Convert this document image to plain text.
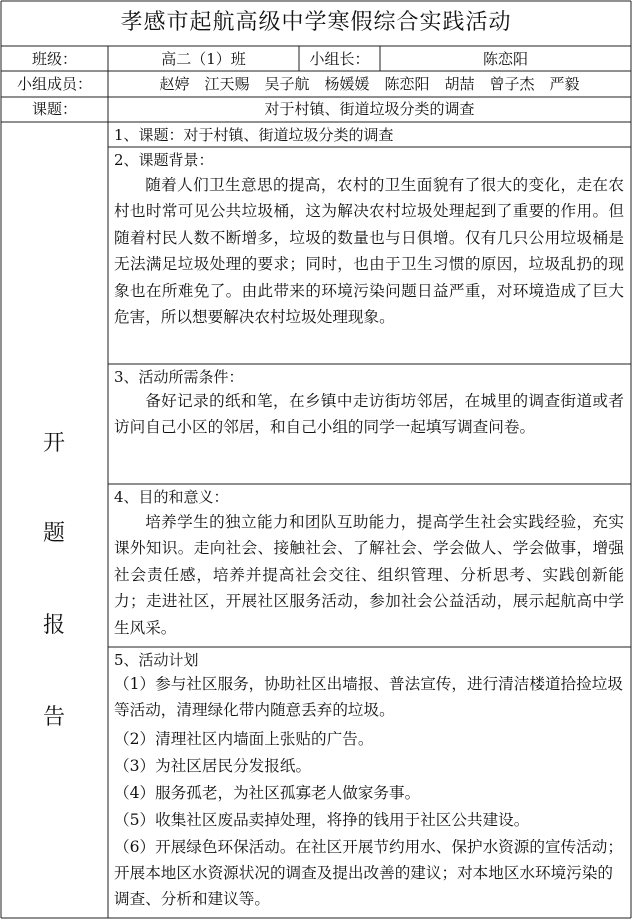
孝感市起航高级中学寒假综合实践活动
班级：	高二（1）班	小组长：	陈恋阳
小组成员：	赵婷　江天赐　吴子航　杨媛媛　陈恋阳　胡喆　曾子杰　严毅
课题：	对于村镇、街道垃圾分类的调查
开
题
报
告
1、课题：对于村镇、街道垃圾分类的调查
2、课题背景：
随着人们卫生意思的提高，农村的卫生面貌有了很大的变化，走在农村也时常可见公共垃圾桶，这为解决农村垃圾处理起到了重要的作用。但随着村民人数不断增多，垃圾的数量也与日俱增。仅有几只公用垃圾桶是无法满足垃圾处理的要求；同时，也由于卫生习惯的原因，垃圾乱扔的现象也在所难免了。由此带来的环境污染问题日益严重，对环境造成了巨大危害，所以想要解决农村垃圾处理现象。
3、活动所需条件：
备好记录的纸和笔，在乡镇中走访街坊邻居，在城里的调查街道或者访问自己小区的邻居，和自己小组的同学一起填写调查问卷。
4、目的和意义：
培养学生的独立能力和团队互助能力，提高学生社会实践经验，充实课外知识。走向社会、接触社会、了解社会、学会做人、学会做事，增强社会责任感，培养并提高社会交往、组织管理、分析思考、实践创新能力；走进社区，开展社区服务活动，参加社会公益活动，展示起航高中学生风采。
5、活动计划
（1）参与社区服务，协助社区出墙报、普法宣传，进行清洁楼道拾捡垃圾等活动，清理绿化带内随意丢弃的垃圾。
（2）清理社区内墙面上张贴的广告。
（3）为社区居民分发报纸。
（4）服务孤老，为社区孤寡老人做家务事。
（5）收集社区废品卖掉处理，将挣的钱用于社区公共建设。
（6）开展绿色环保活动。在社区开展节约用水、保护水资源的宣传活动；开展本地区水资源状况的调查及提出改善的建议；对本地区水环境污染的调查、分析和建议等。
